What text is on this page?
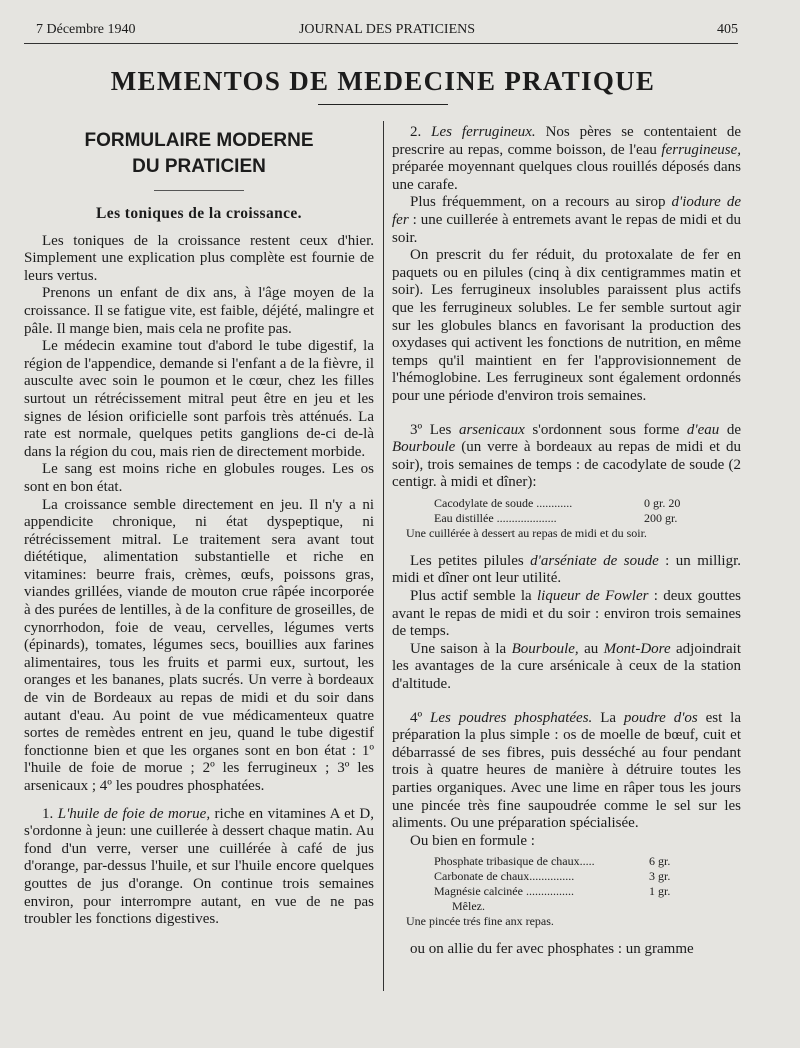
7 Décembre 1940	JOURNAL DES PRATICIENS	405
MEMENTOS DE MEDECINE PRATIQUE
FORMULAIRE MODERNE
DU PRATICIEN
Les toniques de la croissance.

Les toniques de la croissance restent ceux d'hier. Simplement une explication plus complète est fournie de leurs vertus.

Prenons un enfant de dix ans, à l'âge moyen de la croissance. Il se fatigue vite, est faible, déjété, malingre et pâle. Il mange bien, mais cela ne profite pas.

Le médecin examine tout d'abord le tube digestif, la région de l'appendice, demande si l'enfant a de la fièvre, il ausculte avec soin le poumon et le cœur, chez les filles surtout un rétrécissement mitral peut être en jeu et les signes de lésion orificielle sont parfois très atténués. La rate est normale, quelques petits ganglions de-ci de-là dans la région du cou, mais rien de directement morbide.

Le sang est moins riche en globules rouges. Les os sont en bon état.

La croissance semble directement en jeu. Il n'y a ni appendicite chronique, ni état dyspeptique, ni rétrécissement mitral. Le traitement sera avant tout diététique, alimentation substantielle et riche en vitamines: beurre frais, crèmes, œufs, poissons gras, viandes grillées, viande de mouton crue râpée incorporée à des purées de lentilles, à de la confiture de groseilles, de cynorrhodon, foie de veau, cervelles, légumes verts (épinards), tomates, légumes secs, bouillies aux farines alimentaires, tous les fruits et parmi eux, surtout, les oranges et les bananes, plats sucrés. Un verre à bordeaux de vin de Bordeaux au repas de midi et du soir dans autant d'eau. Au point de vue médicamenteux quatre sortes de remèdes entrent en jeu, quand le tube digestif fonctionne bien et que les organes sont en bon état : 1º l'huile de foie de morue ; 2º les ferrugineux ; 3º les arsenicaux ; 4º les poudres phosphatées.

1. L'huile de foie de morue, riche en vitamines A et D, s'ordonne à jeun: une cuillerée à dessert chaque matin. Au fond d'un verre, verser une cuillérée à café de jus d'orange, par-dessus l'huile, et sur l'huile encore quelques gouttes de jus d'orange. On continue trois semaines environ, pour interrompre autant, en vue de ne pas troubler les fonctions digestives.

2. Les ferrugineux. Nos pères se contentaient de prescrire au repas, comme boisson, de l'eau ferrugineuse, préparée moyennant quelques clous rouillés déposés dans une carafe.

Plus fréquemment, on a recours au sirop d'iodure de fer : une cuillerée à entremets avant le repas de midi et du soir.

On prescrit du fer réduit, du protoxalate de fer en paquets ou en pilules (cinq à dix centigrammes matin et soir). Les ferrugineux insolubles paraissent plus actifs que les ferrugineux solubles. Le fer semble surtout agir sur les globules blancs en favorisant la production des oxydases qui activent les fonctions de nutrition, en même temps qu'il maintient en fer l'approvisionnement de l'hémoglobine. Les ferrugineux sont également ordonnés pour une période d'environ trois semaines.

3º Les arsenicaux s'ordonnent sous forme d'eau de Bourboule (un verre à bordeaux au repas de midi et du soir), trois semaines de temps : de cacodylate de soude (2 centigr. à midi et dîner):

Cacodylate de soude ............	0 gr. 20
Eau distillée ....................	200 gr.
Une cuillérée à dessert au repas de midi et du soir.

Les petites pilules d'arséniate de soude : un milligr. midi et dîner ont leur utilité.

Plus actif semble la liqueur de Fowler : deux gouttes avant le repas de midi et du soir : environ trois semaines de temps.

Une saison à la Bourboule, au Mont-Dore adjoindrait les avantages de la cure arsénicale à ceux de la station d'altitude.

4º Les poudres phosphatées. La poudre d'os est la préparation la plus simple : os de moelle de bœuf, cuit et débarrassé de ses fibres, puis desséché au four pendant trois à quatre heures de manière à détruire toutes les parties organiques. Avec une lime en râper tous les jours une pincée très fine saupoudrée comme le sel sur les aliments. Ou une préparation spécialisée.

Ou bien en formule :

Phosphate tribasique de chaux.....	6 gr.
Carbonate de chaux...............	3 gr.
Magnésie calcinée ................	1 gr.
Mêlez.
Une pincée trés fine anx repas.

ou on allie du fer avec phosphates : un gramme
